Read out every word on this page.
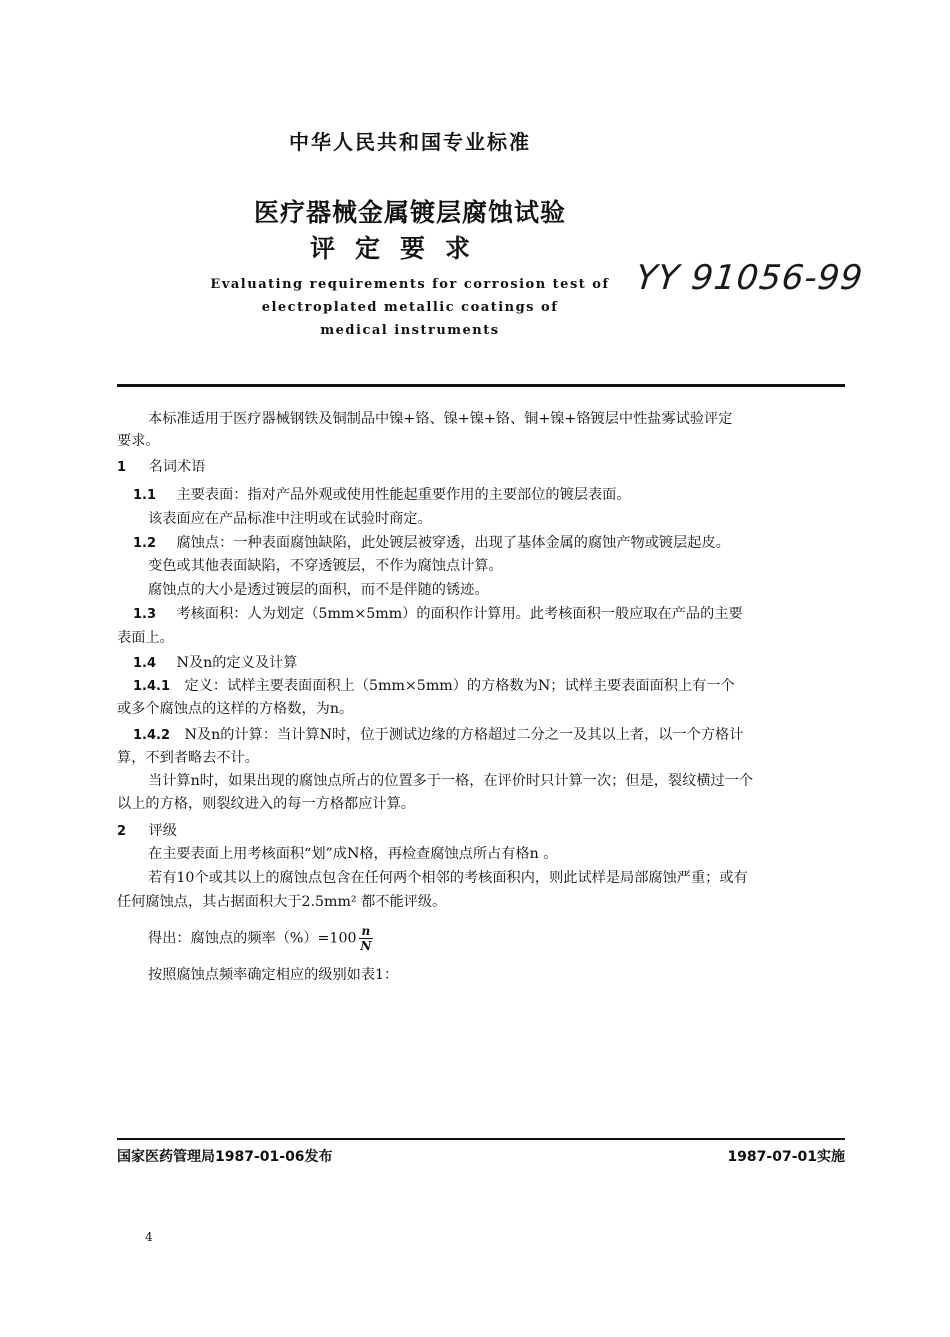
中华人民共和国专业标准
医疗器械金属镀层腐蚀试验
评定要求
Evaluating requirements for corrosion test of
electroplated metallic coatings of
medical instruments
YY 91056-99
本标准适用于医疗器械钢铁及铜制品中镍+铬、镍+镍+铬、铜+镍+铬镀层中性盐雾试验评定
要求。
1 名词术语
1.1 主要表面：指对产品外观或使用性能起重要作用的主要部位的镀层表面。
该表面应在产品标准中注明或在试验时商定。
1.2 腐蚀点：一种表面腐蚀缺陷，此处镀层被穿透，出现了基体金属的腐蚀产物或镀层起皮。
变色或其他表面缺陷，不穿透镀层，不作为腐蚀点计算。
腐蚀点的大小是透过镀层的面积，而不是伴随的锈迹。
1.3 考核面积：人为划定（5mm×5mm）的面积作计算用。此考核面积一般应取在产品的主要
表面上。
1.4 N及n的定义及计算
1.4.1 定义：试样主要表面面积上（5mm×5mm）的方格数为N；试样主要表面面积上有一个
或多个腐蚀点的这样的方格数，为n。
1.4.2 N及n的计算：当计算N时，位于测试边缘的方格超过二分之一及其以上者，以一个方格计
算，不到者略去不计。
当计算n时，如果出现的腐蚀点所占的位置多于一格，在评价时只计算一次；但是，裂纹横过一个
以上的方格，则裂纹进入的每一方格都应计算。
2 评级
在主要表面上用考核面积“划”成N格，再检查腐蚀点所占有格n 。
若有10个或其以上的腐蚀点包含在任何两个相邻的考核面积内，则此试样是局部腐蚀严重；或有
任何腐蚀点，其占据面积大于2.5mm² 都不能评级。
得出：腐蚀点的频率$(\%)=100 \frac{n}{N}$
按照腐蚀点频率确定相应的级别如表1：
国家医药管理局1987-01-06发布	1987-07-01实施
4
